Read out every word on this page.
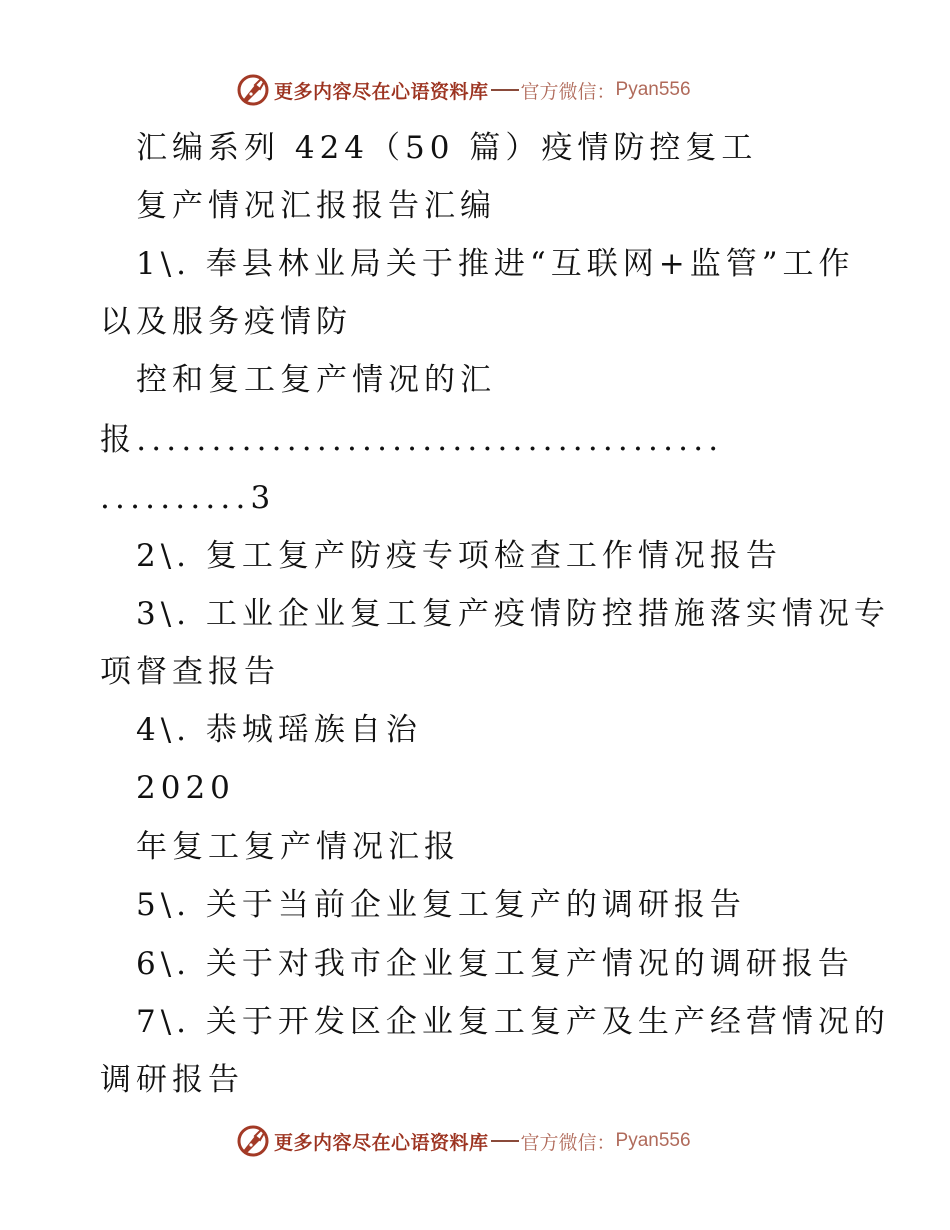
更多内容尽在心语资料库 官方微信： Pyan556
汇编系列 424（50 篇）疫情防控复工
复产情况汇报报告汇编
1\. 奉县林业局关于推进“互联网+监管”工作
以及服务疫情防
控和复工复产情况的汇
报.......................................
..........3
2\. 复工复产防疫专项检查工作情况报告
3\. 工业企业复工复产疫情防控措施落实情况专
项督查报告
4\. 恭城瑶族自治
2020
年复工复产情况汇报
5\. 关于当前企业复工复产的调研报告
6\. 关于对我市企业复工复产情况的调研报告
7\. 关于开发区企业复工复产及生产经营情况的
调研报告
更多内容尽在心语资料库 官方微信： Pyan556
